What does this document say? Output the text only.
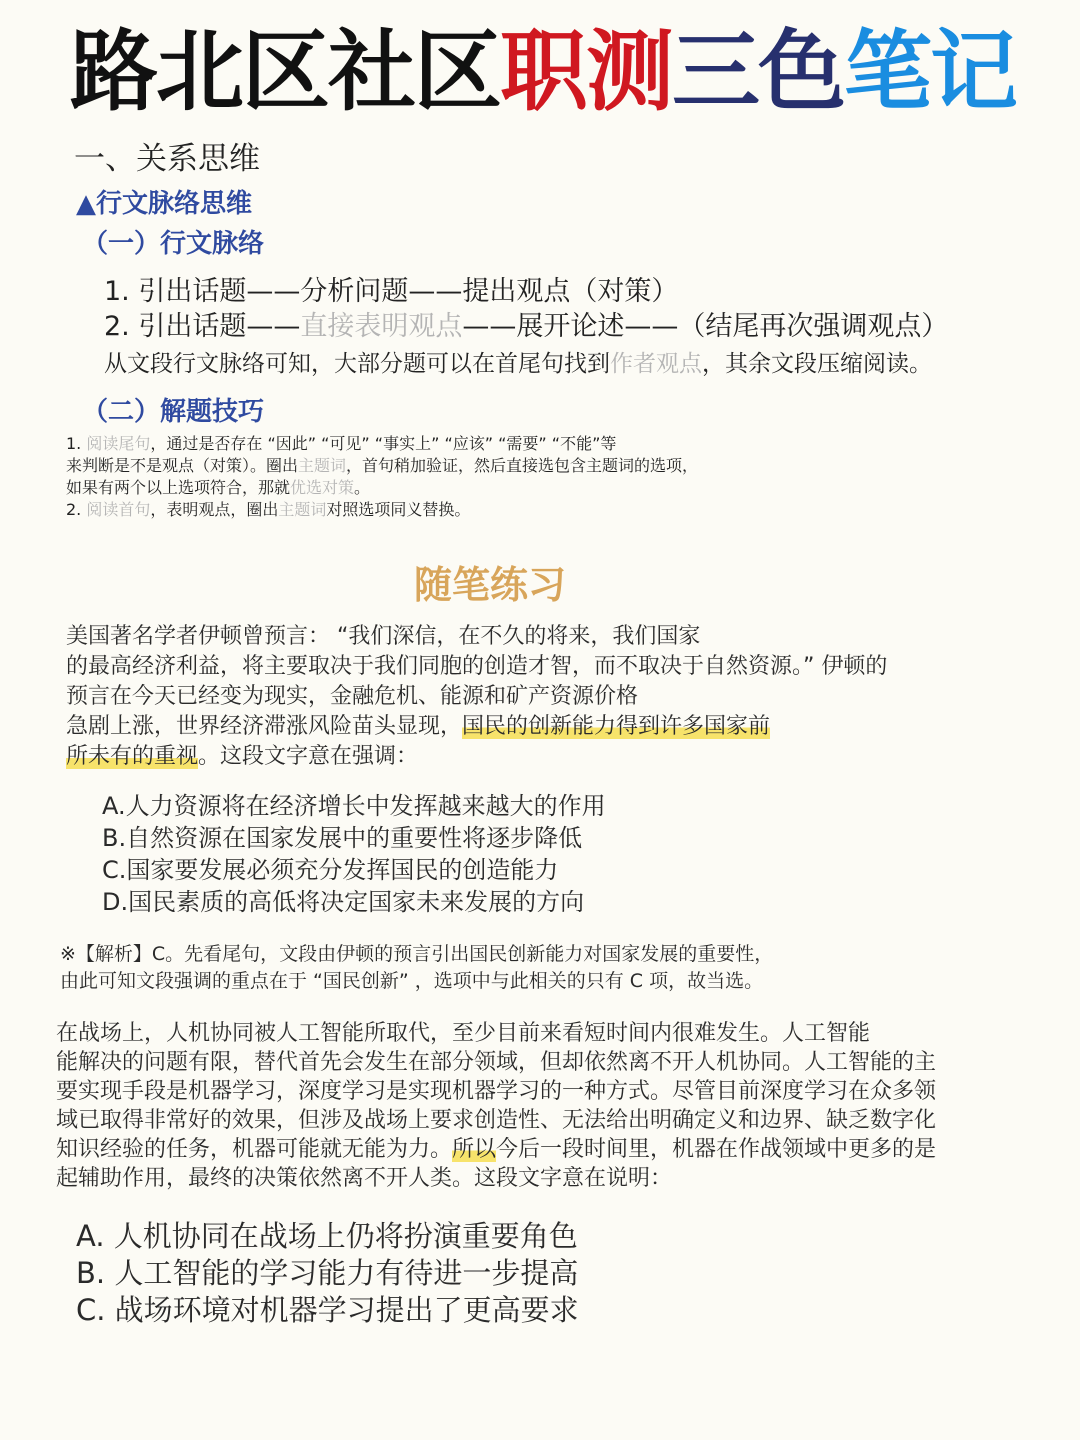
路北区社区职测三色笔记
一、关系思维
▲行文脉络思维
（一）行文脉络
1. 引出话题——分析问题——提出观点（对策）
2. 引出话题——直接表明观点——展开论述——（结尾再次强调观点）
从文段行文脉络可知，大部分题可以在首尾句找到作者观点，其余文段压缩阅读。
（二）解题技巧
1. 阅读尾句，通过是否存在 “因此” “可见” “事实上” “应该” “需要” “不能”等
来判断是不是观点（对策）。圈出主题词，首句稍加验证，然后直接选包含主题词的选项，
如果有两个以上选项符合，那就优选对策。
2. 阅读首句，表明观点，圈出主题词对照选项同义替换。
随笔练习
美国著名学者伊顿曾预言： “我们深信，在不久的将来，我们国家
的最高经济利益，将主要取决于我们同胞的创造才智，而不取决于自然资源。” 伊顿的
预言在今天已经变为现实，金融危机、能源和矿产资源价格
急剧上涨，世界经济滞涨风险苗头显现，国民的创新能力得到许多国家前
所未有的重视。这段文字意在强调：
A.人力资源将在经济增长中发挥越来越大的作用
B.自然资源在国家发展中的重要性将逐步降低
C.国家要发展必须充分发挥国民的创造能力
D.国民素质的高低将决定国家未来发展的方向
※【解析】C。先看尾句，文段由伊顿的预言引出国民创新能力对国家发展的重要性，
由此可知文段强调的重点在于 “国民创新” ，选项中与此相关的只有 C 项，故当选。
在战场上，人机协同被人工智能所取代，至少目前来看短时间内很难发生。人工智能
能解决的问题有限，替代首先会发生在部分领域，但却依然离不开人机协同。人工智能的主
要实现手段是机器学习，深度学习是实现机器学习的一种方式。尽管目前深度学习在众多领
域已取得非常好的效果，但涉及战场上要求创造性、无法给出明确定义和边界、缺乏数字化
知识经验的任务，机器可能就无能为力。所以今后一段时间里，机器在作战领域中更多的是
起辅助作用，最终的决策依然离不开人类。这段文字意在说明：
A. 人机协同在战场上仍将扮演重要角色
B. 人工智能的学习能力有待进一步提高
C. 战场环境对机器学习提出了更高要求
